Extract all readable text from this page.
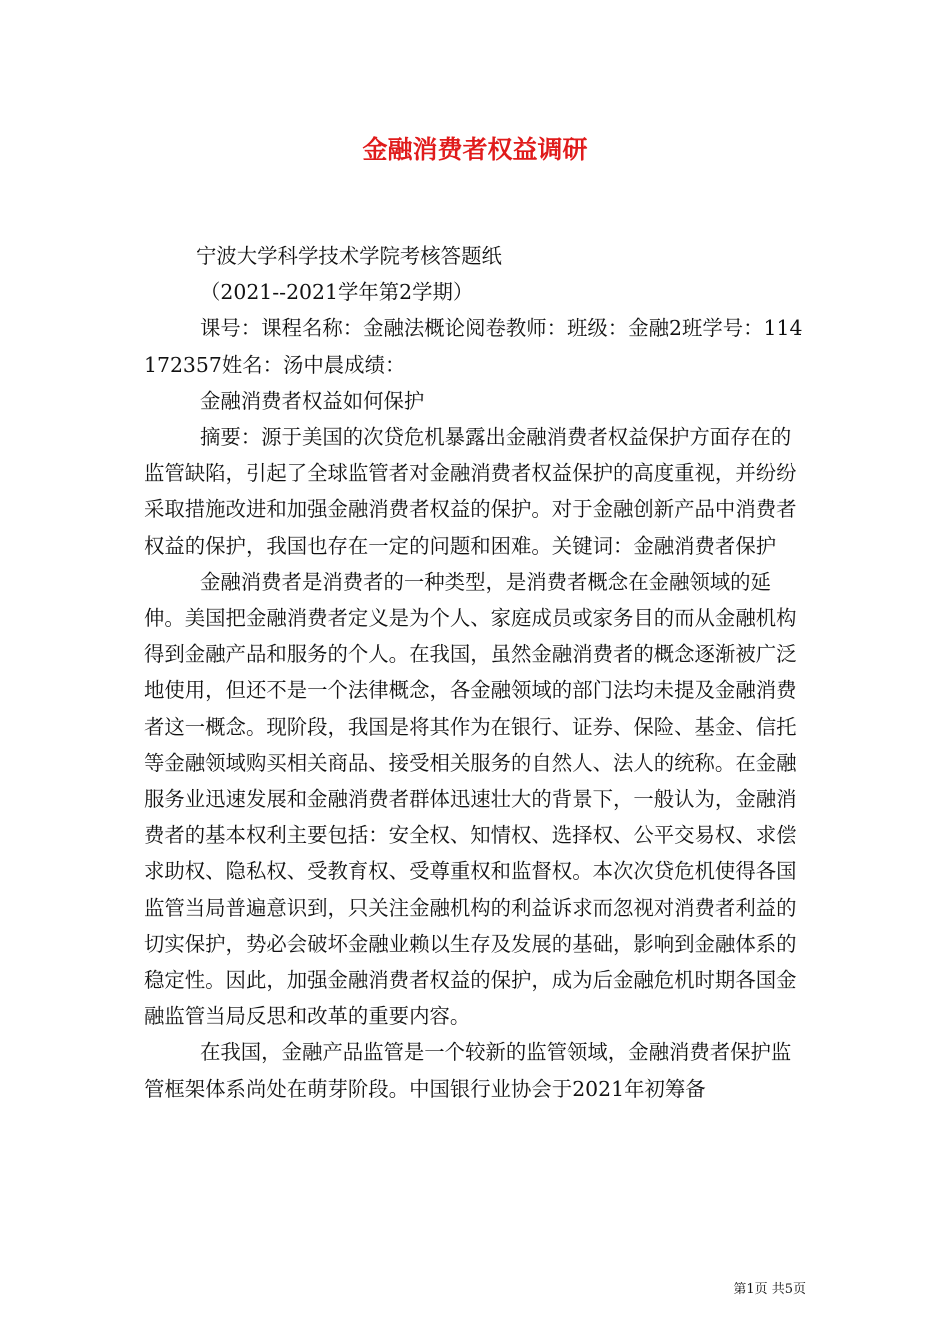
金融消费者权益调研

宁波大学科学技术学院考核答题纸

（2021--2021学年第2学期）

课号：课程名称：金融法概论阅卷教师：班级：金融2班学号：114172357姓名：汤中晨成绩：

金融消费者权益如何保护

摘要：源于美国的次贷危机暴露出金融消费者权益保护方面存在的监管缺陷，引起了全球监管者对金融消费者权益保护的高度重视，并纷纷采取措施改进和加强金融消费者权益的保护。对于金融创新产品中消费者权益的保护，我国也存在一定的问题和困难。关键词：金融消费者保护

金融消费者是消费者的一种类型，是消费者概念在金融领域的延伸。美国把金融消费者定义是为个人、家庭成员或家务目的而从金融机构得到金融产品和服务的个人。在我国，虽然金融消费者的概念逐渐被广泛地使用，但还不是一个法律概念，各金融领域的部门法均未提及金融消费者这一概念。现阶段，我国是将其作为在银行、证券、保险、基金、信托等金融领域购买相关商品、接受相关服务的自然人、法人的统称。在金融服务业迅速发展和金融消费者群体迅速壮大的背景下，一般认为，金融消费者的基本权利主要包括：安全权、知情权、选择权、公平交易权、求偿求助权、隐私权、受教育权、受尊重权和监督权。本次次贷危机使得各国监管当局普遍意识到，只关注金融机构的利益诉求而忽视对消费者利益的切实保护，势必会破坏金融业赖以生存及发展的基础，影响到金融体系的稳定性。因此，加强金融消费者权益的保护，成为后金融危机时期各国金融监管当局反思和改革的重要内容。

在我国，金融产品监管是一个较新的监管领域，金融消费者保护监管框架体系尚处在萌芽阶段。中国银行业协会于2021年初筹备

第1页 共5页
